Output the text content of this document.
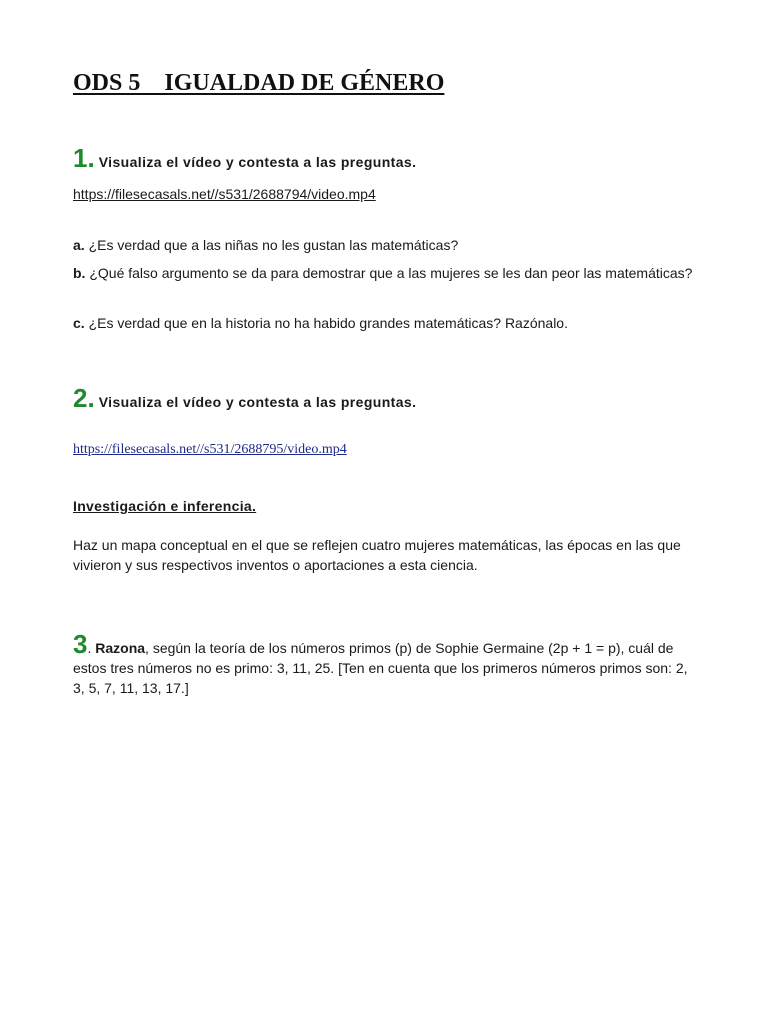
ODS 5    IGUALDAD DE GÉNERO
1. Visualiza el vídeo y contesta a las preguntas.
https://filesecasals.net//s531/2688794/video.mp4

a. ¿Es verdad que a las niñas no les gustan las matemáticas?

b. ¿Qué falso argumento se da para demostrar que a las mujeres se les dan peor las matemáticas?

c. ¿Es verdad que en la historia no ha habido grandes matemáticas? Razónalo.

2. Visualiza el vídeo y contesta a las preguntas.
https://filesecasals.net//s531/2688795/video.mp4
Investigación e inferencia.

Haz un mapa conceptual en el que se reflejen cuatro mujeres matemáticas, las épocas en las que vivieron y sus respectivos inventos o aportaciones a esta ciencia.

3. Razona, según la teoría de los números primos (p) de Sophie Germaine (2p + 1 = p), cuál de estos tres números no es primo: 3, 11, 25. [Ten en cuenta que los primeros números primos son: 2, 3, 5, 7, 11, 13, 17.]
